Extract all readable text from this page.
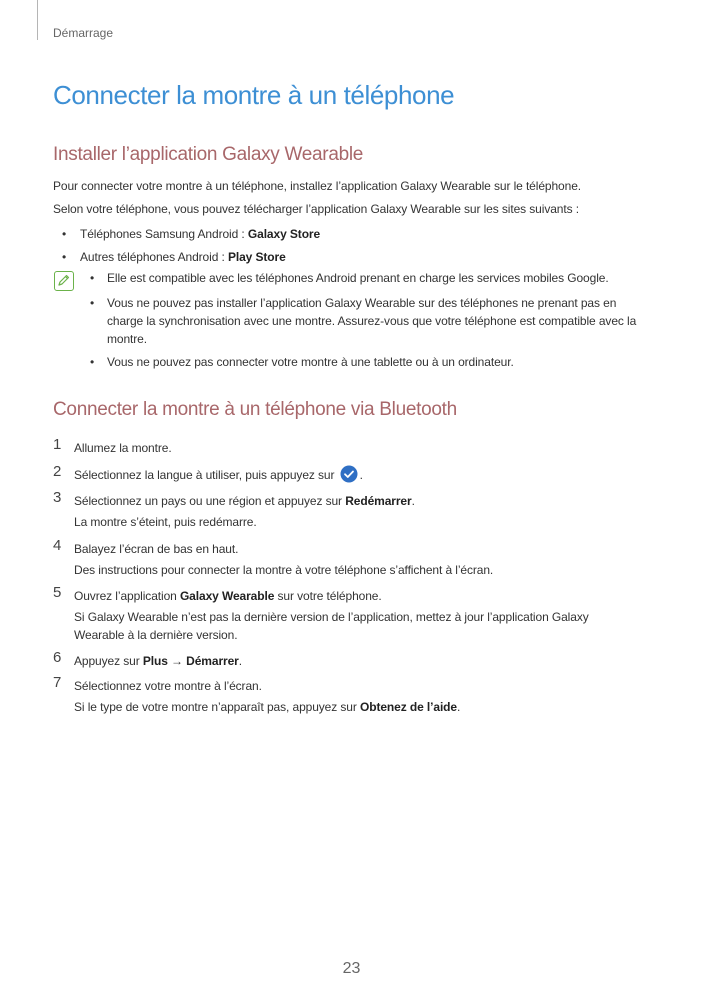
Démarrage
Connecter la montre à un téléphone
Installer l’application Galaxy Wearable
Pour connecter votre montre à un téléphone, installez l’application Galaxy Wearable sur le téléphone.
Selon votre téléphone, vous pouvez télécharger l’application Galaxy Wearable sur les sites suivants :
• Téléphones Samsung Android : Galaxy Store
• Autres téléphones Android : Play Store
• Elle est compatible avec les téléphones Android prenant en charge les services mobiles Google.
• Vous ne pouvez pas installer l’application Galaxy Wearable sur des téléphones ne prenant pas en charge la synchronisation avec une montre. Assurez-vous que votre téléphone est compatible avec la montre.
• Vous ne pouvez pas connecter votre montre à une tablette ou à un ordinateur.
Connecter la montre à un téléphone via Bluetooth
1 Allumez la montre.
2 Sélectionnez la langue à utiliser, puis appuyez sur .
3 Sélectionnez un pays ou une région et appuyez sur Redémarrer.
La montre s’éteint, puis redémarre.
4 Balayez l’écran de bas en haut.
Des instructions pour connecter la montre à votre téléphone s’affichent à l’écran.
5 Ouvrez l’application Galaxy Wearable sur votre téléphone.
Si Galaxy Wearable n’est pas la dernière version de l’application, mettez à jour l’application Galaxy
Wearable à la dernière version.
6 Appuyez sur Plus → Démarrer.
7 Sélectionnez votre montre à l’écran.
Si le type de votre montre n’apparaît pas, appuyez sur Obtenez de l’aide.
23
